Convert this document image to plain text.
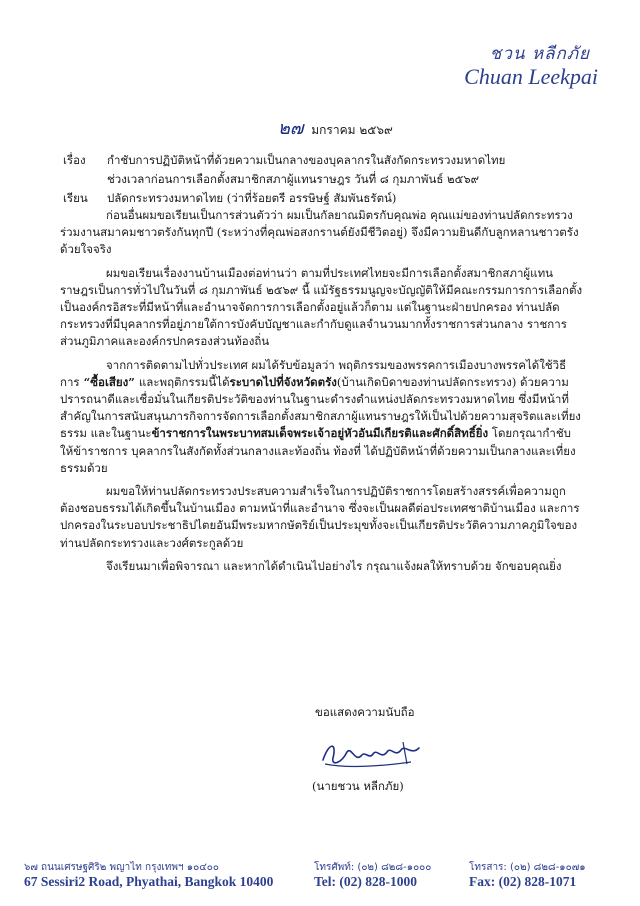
ชวน หลีกภัย
Chuan Leekpai
๒๗ มกราคม ๒๕๖๙
เรื่อง กำชับการปฏิบัติหน้าที่ด้วยความเป็นกลางของบุคลากรในสังกัดกระทรวงมหาดไทย
ช่วงเวลาก่อนการเลือกตั้งสมาชิกสภาผู้แทนราษฎร วันที่ ๘ กุมภาพันธ์ ๒๕๖๙
เรียน ปลัดกระทรวงมหาดไทย (ว่าที่ร้อยตรี อรรษิษฐ์ สัมพันธรัตน์)

ก่อนอื่นผมขอเรียนเป็นการส่วนตัวว่า ผมเป็นกัลยาณมิตรกับคุณพ่อ คุณแม่ของท่านปลัดกระทรวง ร่วมงานสมาคมชาวตรังกันทุกปี (ระหว่างที่คุณพ่อสงกรานต์ยังมีชีวิตอยู่) จึงมีความยินดีกับลูกหลานชาวตรังด้วยใจจริง

ผมขอเรียนเรื่องงานบ้านเมืองต่อท่านว่า ตามที่ประเทศไทยจะมีการเลือกตั้งสมาชิกสภาผู้แทนราษฎรเป็นการทั่วไปในวันที่ ๘ กุมภาพันธ์ ๒๕๖๙ นี้ แม้รัฐธรรมนูญจะบัญญัติให้มีคณะกรรมการการเลือกตั้งเป็นองค์กรอิสระที่มีหน้าที่และอำนาจจัดการการเลือกตั้งอยู่แล้วก็ตาม แต่ในฐานะฝ่ายปกครอง ท่านปลัดกระทรวงที่มีบุคลากรที่อยู่ภายใต้การบังคับบัญชาและกำกับดูแลจำนวนมากทั้งราชการส่วนกลาง ราชการส่วนภูมิภาคและองค์กรปกครองส่วนท้องถิ่น

จากการติดตามไปทั่วประเทศ ผมได้รับข้อมูลว่า พฤติกรรมของพรรคการเมืองบางพรรคได้ใช้วิธีการ “ซื้อเสียง” และพฤติกรรมนี้ได้ระบาดไปที่จังหวัดตรัง(บ้านเกิดบิดาของท่านปลัดกระทรวง) ด้วยความปรารถนาดีและเชื่อมั่นในเกียรติประวัติของท่านในฐานะดำรงตำแหน่งปลัดกระทรวงมหาดไทย ซึ่งมีหน้าที่สำคัญในการสนับสนุนภารกิจการจัดการเลือกตั้งสมาชิกสภาผู้แทนราษฎรให้เป็นไปด้วยความสุจริตและเที่ยงธรรม และในฐานะข้าราชการในพระบาทสมเด็จพระเจ้าอยู่หัวอันมีเกียรติและศักดิ์สิทธิ์ยิ่ง โดยกรุณากำชับให้ข้าราชการ บุคลากรในสังกัดทั้งส่วนกลางและท้องถิ่น ท้องที่ ได้ปฏิบัติหน้าที่ด้วยความเป็นกลางและเที่ยงธรรมด้วย

ผมขอให้ท่านปลัดกระทรวงประสบความสำเร็จในการปฏิบัติราชการโดยสร้างสรรค์เพื่อความถูกต้องชอบธรรมได้เกิดขึ้นในบ้านเมือง ตามหน้าที่และอำนาจ ซึ่งจะเป็นผลดีต่อประเทศชาติบ้านเมือง และการปกครองในระบอบประชาธิปไตยอันมีพระมหากษัตริย์เป็นประมุขทั้งจะเป็นเกียรติประวัติความภาคภูมิใจของท่านปลัดกระทรวงและวงศ์ตระกูลด้วย

จึงเรียนมาเพื่อพิจารณา และหากได้ดำเนินไปอย่างไร กรุณาแจ้งผลให้ทราบด้วย จักขอบคุณยิ่ง

ขอแสดงความนับถือ
(นายชวน หลีกภัย)
๖๗ ถนนเศรษฐศิริ๒ พญาไท กรุงเทพฯ ๑๐๔๐๐	โทรศัพท์: (๐๒) ๘๒๘-๑๐๐๐	โทรสาร: (๐๒) ๘๒๘-๑๐๗๑
67 Sessiri2 Road, Phyathai, Bangkok 10400	Tel: (02) 828-1000	Fax: (02) 828-1071
